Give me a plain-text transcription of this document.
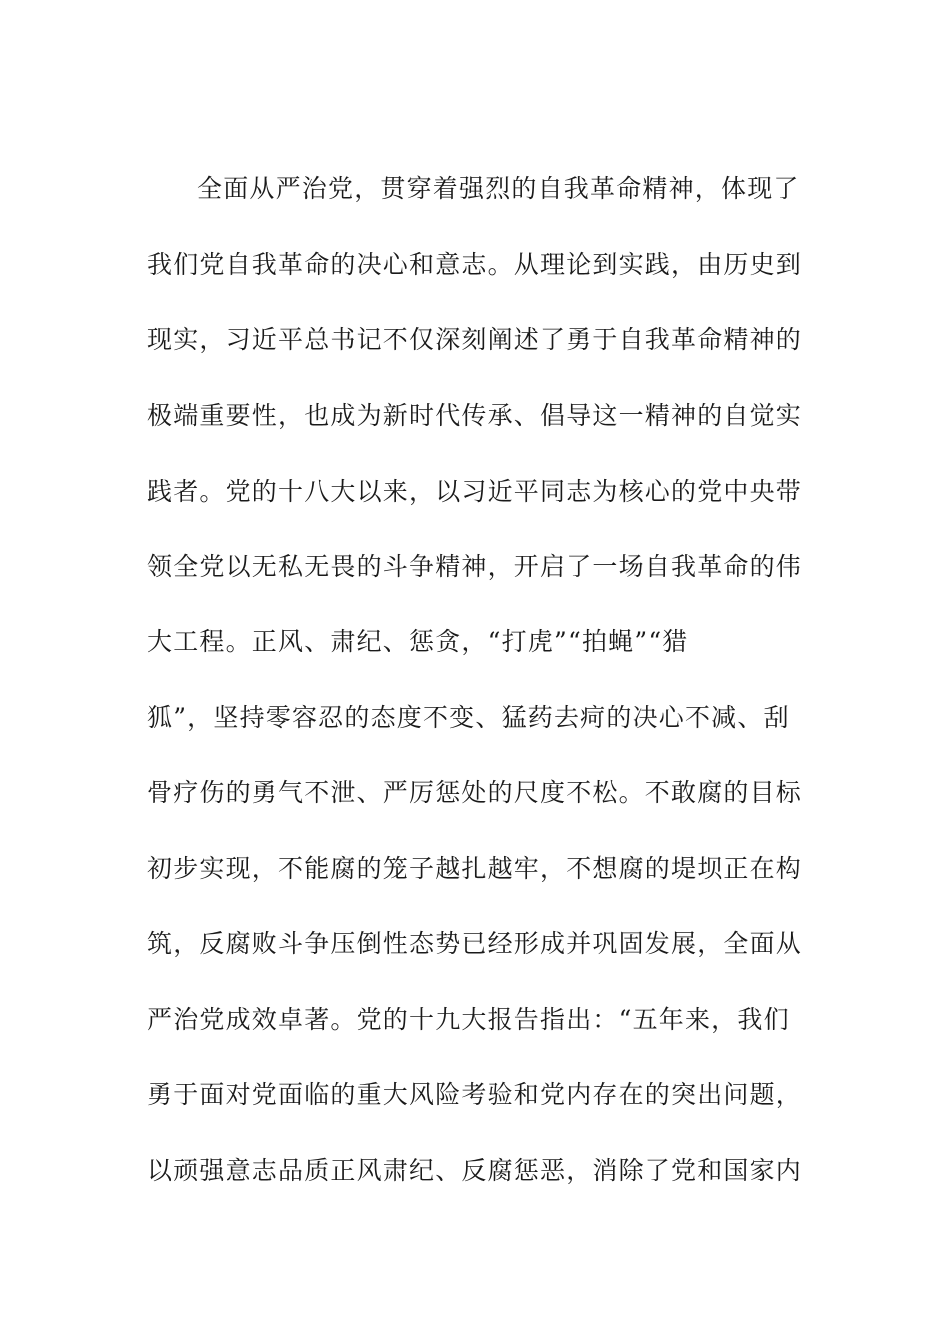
全面从严治党，贯穿着强烈的自我革命精神，体现了
我们党自我革命的决心和意志。从理论到实践，由历史到
现实，习近平总书记不仅深刻阐述了勇于自我革命精神的
极端重要性，也成为新时代传承、倡导这一精神的自觉实
践者。党的十八大以来，以习近平同志为核心的党中央带
领全党以无私无畏的斗争精神，开启了一场自我革命的伟
大工程。正风、肃纪、惩贪，“打虎”“拍蝇”“猎
狐”，坚持零容忍的态度不变、猛药去疴的决心不减、刮
骨疗伤的勇气不泄、严厉惩处的尺度不松。不敢腐的目标
初步实现，不能腐的笼子越扎越牢，不想腐的堤坝正在构
筑，反腐败斗争压倒性态势已经形成并巩固发展，全面从
严治党成效卓著。党的十九大报告指出：“五年来，我们
勇于面对党面临的重大风险考验和党内存在的突出问题，
以顽强意志品质正风肃纪、反腐惩恶，消除了党和国家内
